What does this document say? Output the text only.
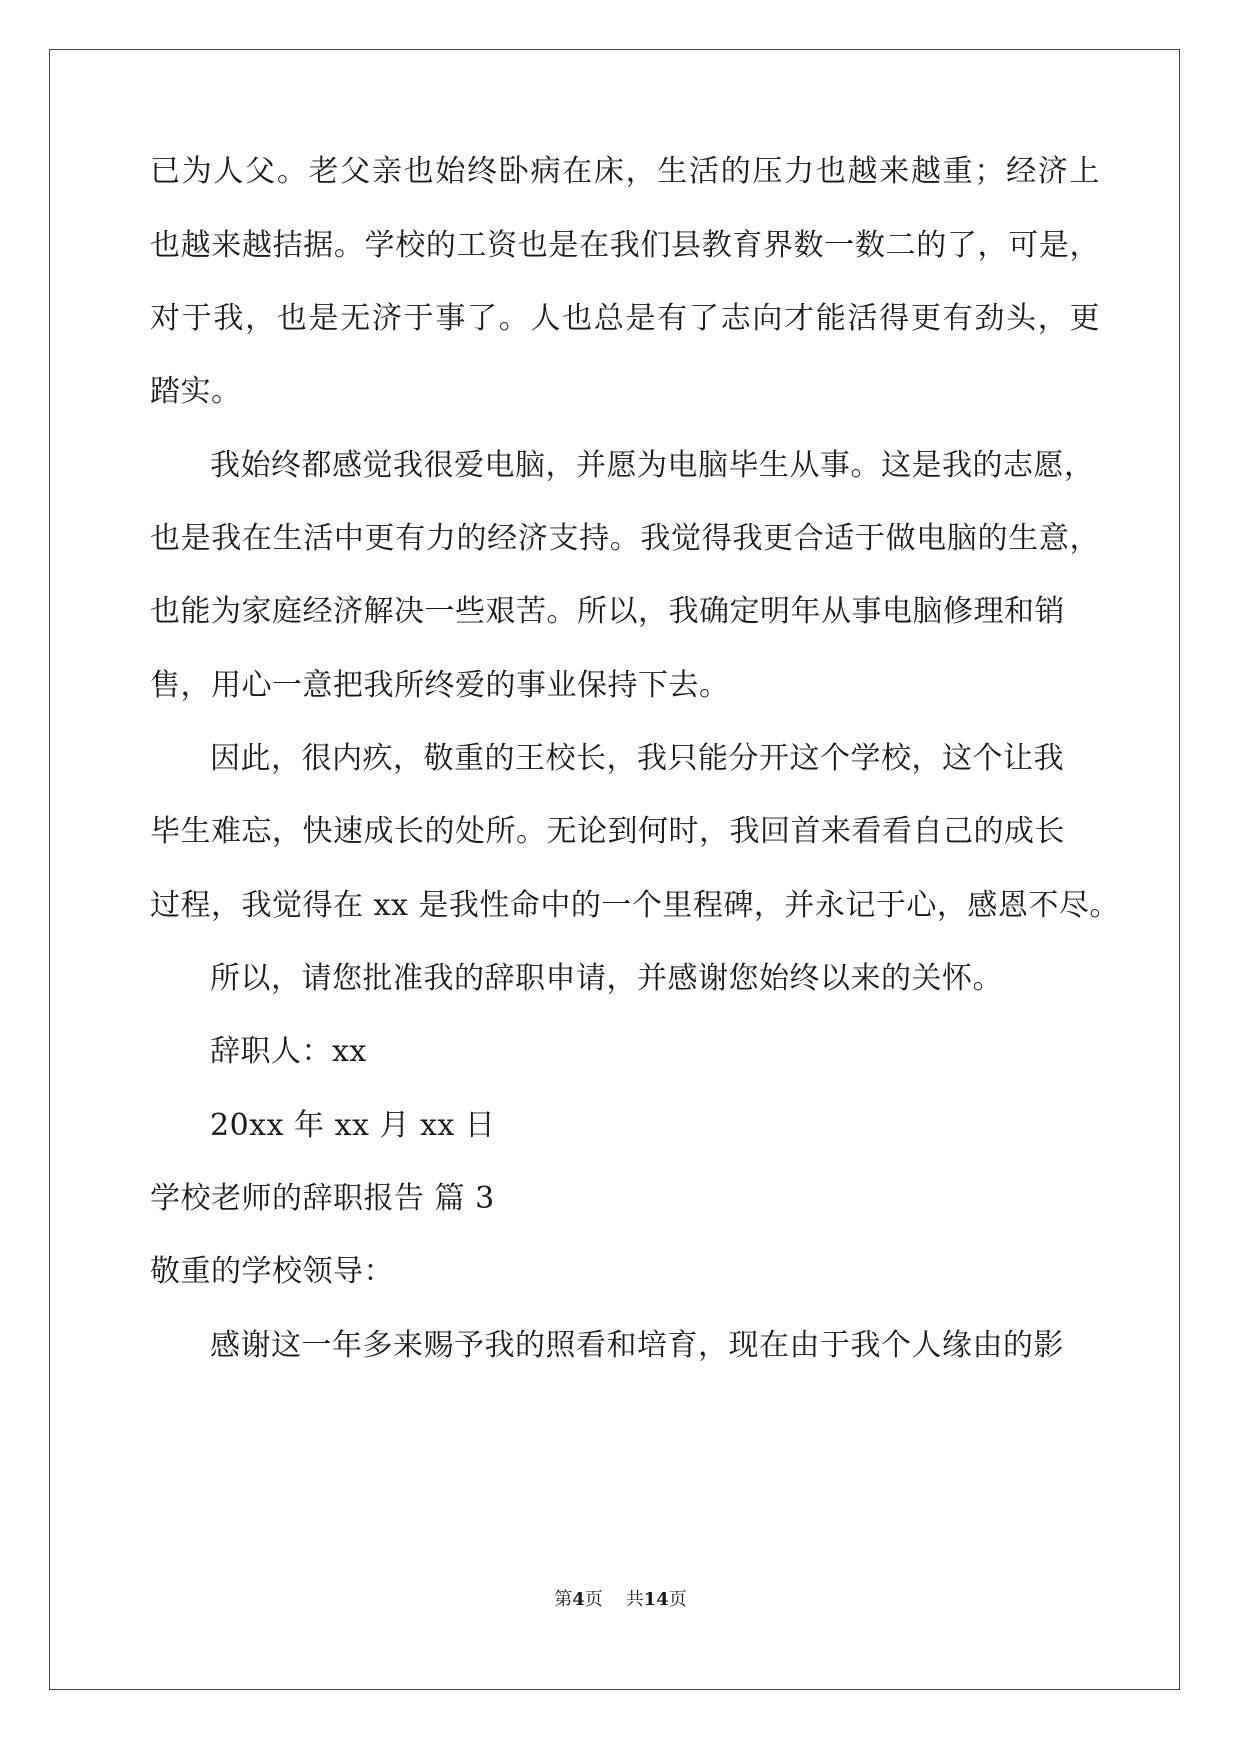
已为人父。老父亲也始终卧病在床，生活的压力也越来越重；经济上
也越来越拮据。学校的工资也是在我们县教育界数一数二的了，可是，
对于我，也是无济于事了。人也总是有了志向才能活得更有劲头，更
踏实。
我始终都感觉我很爱电脑，并愿为电脑毕生从事。这是我的志愿，
也是我在生活中更有力的经济支持。我觉得我更合适于做电脑的生意，
也能为家庭经济解决一些艰苦。所以，我确定明年从事电脑修理和销
售，用心一意把我所终爱的事业保持下去。
因此，很内疚，敬重的王校长，我只能分开这个学校，这个让我
毕生难忘，快速成长的处所。无论到何时，我回首来看看自己的成长
过程，我觉得在 xx 是我性命中的一个里程碑，并永记于心，感恩不尽。
所以，请您批准我的辞职申请，并感谢您始终以来的关怀。
辞职人：xx
20xx 年 xx 月 xx 日
学校老师的辞职报告 篇 3
敬重的学校领导：
感谢这一年多来赐予我的照看和培育，现在由于我个人缘由的影
第4页 共14页
